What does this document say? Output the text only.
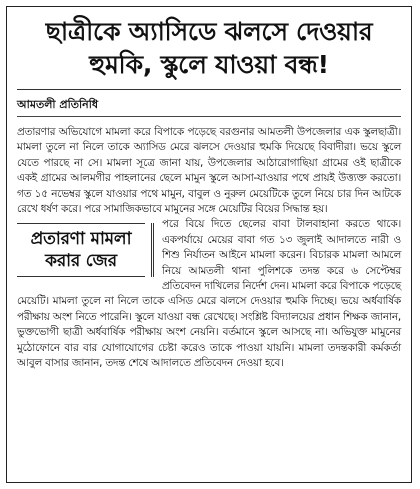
ছাত্রীকে অ্যাসিডে ঝলসে দেওয়ার হুমকি, স্কুলে যাওয়া বন্ধ!
আমতলী প্রতিনিধি

প্রতারণার অভিযোগে মামলা করে বিপাকে পড়েছে বরগুনার আমতলী উপজেলার এক স্কুলছাত্রী। মামলা তুলে না নিলে তাকে অ্যাসিড মেরে ঝলসে দেওয়ার হুমকি দিয়েছে বিবাদীরা। ভয়ে স্কুলে যেতে পারছে না সে। মামলা সূত্রে জানা যায়, উপজেলার আঠারোগাছিয়া গ্রামের ওই ছাত্রীকে একই গ্রামের আলমগীর পাহলানের ছেলে মামুন স্কুলে আসা-যাওয়ার পথে প্রায়ই উত্ত্যক্ত করতো। গত ১৫ নভেম্বর স্কুলে যাওয়ার পথে মামুন, বাবুল ও নুরুল মেয়েটিকে তুলে নিয়ে চার দিন আটকে রেখে ধর্ষণ করে। পরে সামাজিকভাবে মামুনের সঙ্গে মেয়েটির বিয়ের সিদ্ধান্ত হয়।

প্রতারণা মামলা করার জের

পরে বিয়ে দিতে ছেলের বাবা টালবাহানা করতে থাকে। একপর্যায়ে মেয়ের বাবা গত ১৩ জুলাই আদালতে নারী ও শিশু নির্যাতন আইনে মামলা করেন। বিচারক মামলা আমলে নিয়ে আমতলী থানা পুলিশকে তদন্ত করে ৬ সেপ্টেম্বর প্রতিবেদন দাখিলের নির্দেশ দেন। মামলা করে বিপাকে পড়েছে মেয়েটি। মামলা তুলে না নিলে তাকে এসিড মেরে ঝলসে দেওয়ার হুমকি দিচ্ছে। ভয়ে অর্ধবার্ষিক পরীক্ষায় অংশ নিতে পারেনি। স্কুলে যাওয়া বন্ধ রেখেছে। সংশ্লিষ্ট বিদ্যালয়ের প্রধান শিক্ষক জানান, ভুক্তভোগী ছাত্রী অর্ধবার্ষিক পরীক্ষায় অংশ নেয়নি। বর্তমানে স্কুলে আসছে না। অভিযুক্ত মামুনের মুঠোফোনে বার বার যোগাযোগের চেষ্টা করেও তাকে পাওয়া যায়নি। মামলা তদন্তকারী কর্মকর্তা আবুল বাসার জানান, তদন্ত শেষে আদালতে প্রতিবেদন দেওয়া হবে।
